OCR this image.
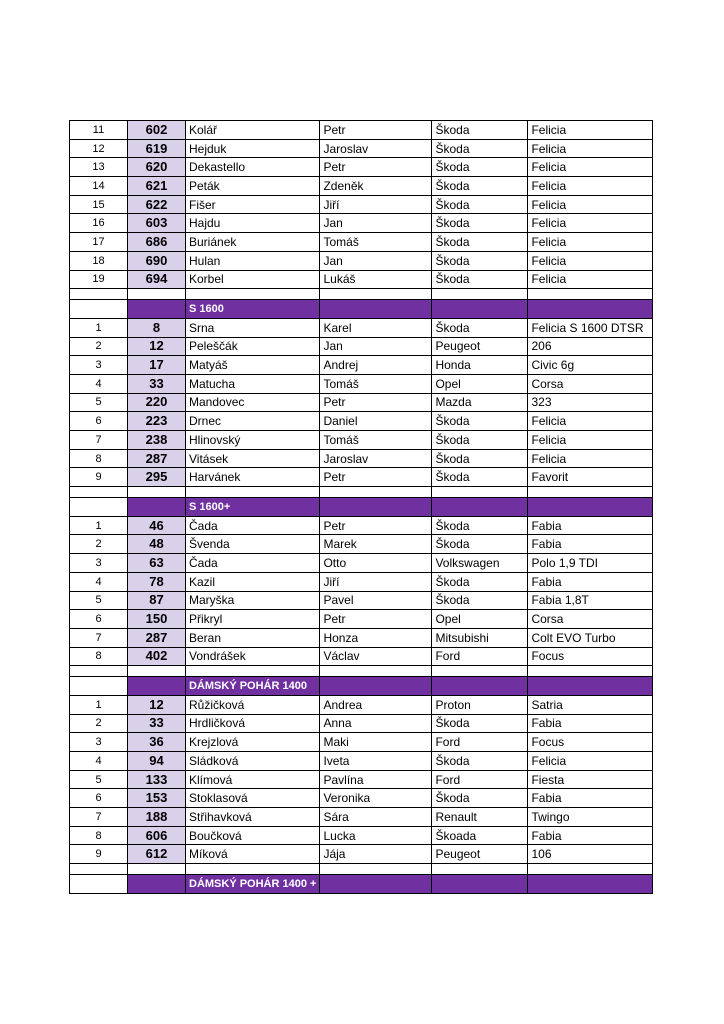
11	602	Kolář	Petr	Škoda	Felicia
12	619	Hejduk	Jaroslav	Škoda	Felicia
13	620	Dekastello	Petr	Škoda	Felicia
14	621	Peták	Zdeněk	Škoda	Felicia
15	622	Fišer	Jiří	Škoda	Felicia
16	603	Hajdu	Jan	Škoda	Felicia
17	686	Buriánek	Tomáš	Škoda	Felicia
18	690	Hulan	Jan	Škoda	Felicia
19	694	Korbel	Lukáš	Škoda	Felicia

		S 1600			
1	8	Srna	Karel	Škoda	Felicia S 1600 DTSR
2	12	Peleščák	Jan	Peugeot	206
3	17	Matyáš	Andrej	Honda	Civic 6g
4	33	Matucha	Tomáš	Opel	Corsa
5	220	Mandovec	Petr	Mazda	323
6	223	Drnec	Daniel	Škoda	Felicia
7	238	Hlinovský	Tomáš	Škoda	Felicia
8	287	Vitásek	Jaroslav	Škoda	Felicia
9	295	Harvánek	Petr	Škoda	Favorit

		S 1600+			
1	46	Čada	Petr	Škoda	Fabia
2	48	Švenda	Marek	Škoda	Fabia
3	63	Čada	Otto	Volkswagen	Polo 1,9 TDI
4	78	Kazil	Jiří	Škoda	Fabia
5	87	Maryška	Pavel	Škoda	Fabia 1,8T
6	150	Přikryl	Petr	Opel	Corsa
7	287	Beran	Honza	Mitsubishi	Colt EVO Turbo
8	402	Vondrášek	Václav	Ford	Focus

		DÁMSKÝ POHÁR 1400			
1	12	Růžičková	Andrea	Proton	Satria
2	33	Hrdličková	Anna	Škoda	Fabia
3	36	Krejzlová	Maki	Ford	Focus
4	94	Sládková	Iveta	Škoda	Felicia
5	133	Klímová	Pavlína	Ford	Fiesta
6	153	Stoklasová	Veronika	Škoda	Fabia
7	188	Střihavková	Sára	Renault	Twingo
8	606	Boučková	Lucka	Škoada	Fabia
9	612	Míková	Jája	Peugeot	106

		DÁMSKÝ POHÁR 1400 +			
